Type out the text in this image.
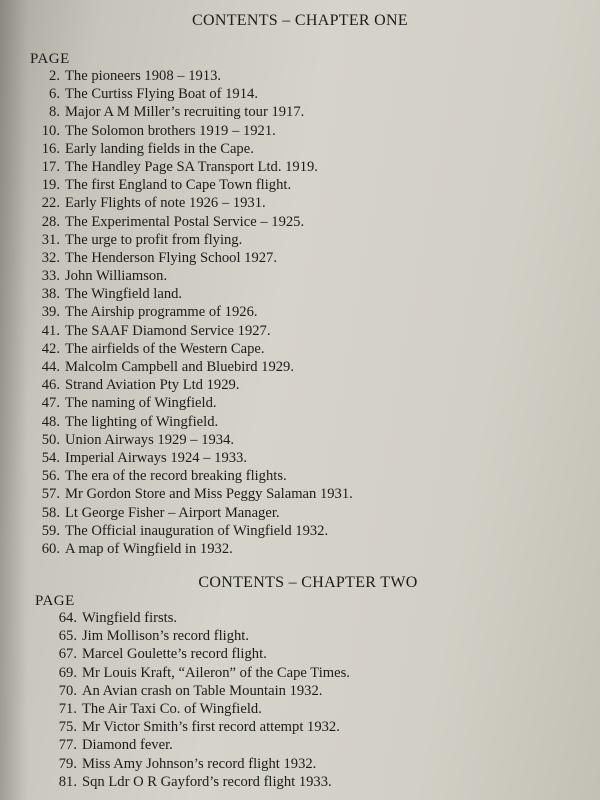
CONTENTS – CHAPTER ONE
PAGE
2. The pioneers 1908 – 1913.
6. The Curtiss Flying Boat of 1914.
8. Major A M Miller’s recruiting tour 1917.
10. The Solomon brothers 1919 – 1921.
16. Early landing fields in the Cape.
17. The Handley Page SA Transport Ltd. 1919.
19. The first England to Cape Town flight.
22. Early Flights of note 1926 – 1931.
28. The Experimental Postal Service – 1925.
31. The urge to profit from flying.
32. The Henderson Flying School 1927.
33. John Williamson.
38. The Wingfield land.
39. The Airship programme of 1926.
41. The SAAF Diamond Service 1927.
42. The airfields of the Western Cape.
44. Malcolm Campbell and Bluebird 1929.
46. Strand Aviation Pty Ltd 1929.
47. The naming of Wingfield.
48. The lighting of Wingfield.
50. Union Airways 1929 – 1934.
54. Imperial Airways 1924 – 1933.
56. The era of the record breaking flights.
57. Mr Gordon Store and Miss Peggy Salaman 1931.
58. Lt George Fisher – Airport Manager.
59. The Official inauguration of Wingfield 1932.
60. A map of Wingfield in 1932.
CONTENTS – CHAPTER TWO
PAGE
64. Wingfield firsts.
65. Jim Mollison’s record flight.
67. Marcel Goulette’s record flight.
69. Mr Louis Kraft, “Aileron” of the Cape Times.
70. An Avian crash on Table Mountain 1932.
71. The Air Taxi Co. of Wingfield.
75. Mr Victor Smith’s first record attempt 1932.
77. Diamond fever.
79. Miss Amy Johnson’s record flight 1932.
81. Sqn Ldr O R Gayford’s record flight 1933.
